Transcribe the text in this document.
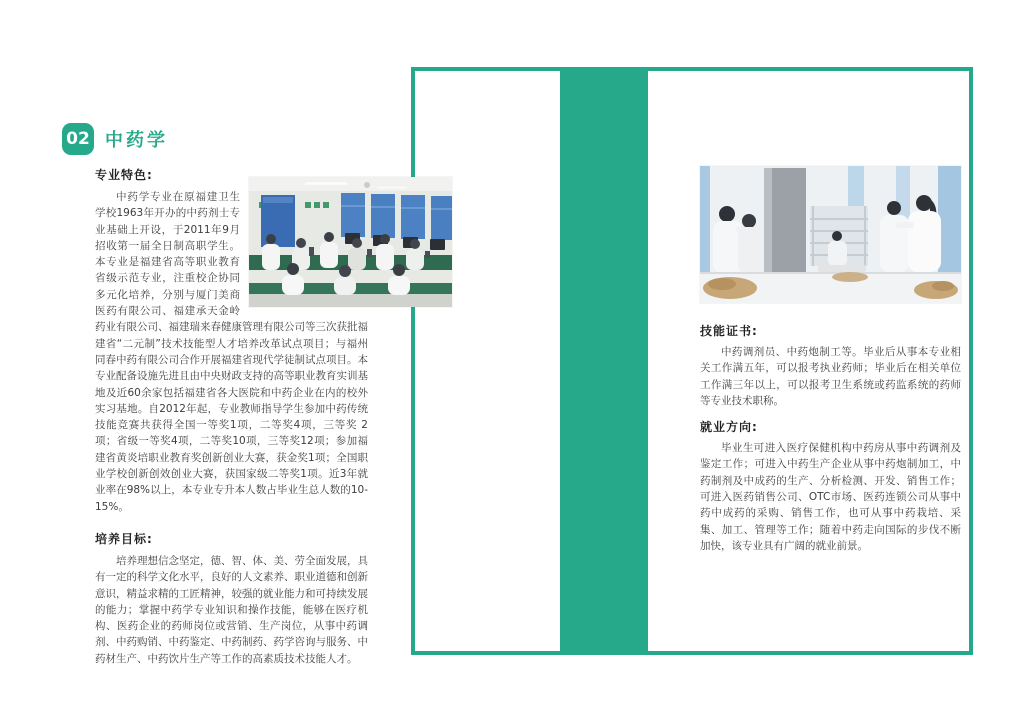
02 中药学
专业特色:
中药学专业在原福建卫生学校1963年开办的中药剂士专业基础上开设，于2011年9月招收第一届全日制高职学生。本专业是福建省高等职业教育省级示范专业，注重校企协同多元化培养，分别与厦门美商医药有限公司、福建承天金岭药业有限公司、福建瑞来春健康管理有限公司等三次获批福建省“二元制”技术技能型人才培养改革试点项目；与福州同春中药有限公司合作开展福建省现代学徒制试点项目。本专业配备设施先进且由中央财政支持的高等职业教育实训基地及近60余家包括福建省各大医院和中药企业在内的校外实习基地。自2012年起，专业教师指导学生参加中药传统技能竞赛共获得全国一等奖1项，二等奖4项，三等奖 2项；省级一等奖4项，二等奖10项，三等奖12项；参加福建省黄炎培职业教育奖创新创业大赛，获金奖1项；全国职业学校创新创效创业大赛，获国家级二等奖1项。近3年就业率在98%以上，本专业专升本人数占毕业生总人数的10-15%。
培养目标:
培养理想信念坚定，德、智、体、美、劳全面发展，具有一定的科学文化水平，良好的人文素养、职业道德和创新意识，精益求精的工匠精神，较强的就业能力和可持续发展的能力；掌握中药学专业知识和操作技能，能够在医疗机构、医药企业的药师岗位或营销、生产岗位，从事中药调剂、中药购销、中药鉴定、中药制药、药学咨询与服务、中药材生产、中药饮片生产等工作的高素质技术技能人才。
技能证书:
中药调剂员、中药炮制工等。毕业后从事本专业相关工作满五年，可以报考执业药师；毕业后在相关单位工作满三年以上，可以报考卫生系统或药监系统的药师等专业技术职称。
就业方向:
毕业生可进入医疗保健机构中药房从事中药调剂及鉴定工作；可进入中药生产企业从事中药炮制加工，中药制剂及中成药的生产、分析检测、开发、销售工作；可进入医药销售公司、OTC市场、医药连锁公司从事中药中成药的采购、销售工作，也可从事中药栽培、采集、加工、管理等工作；随着中药走向国际的步伐不断加快，该专业具有广阔的就业前景。
